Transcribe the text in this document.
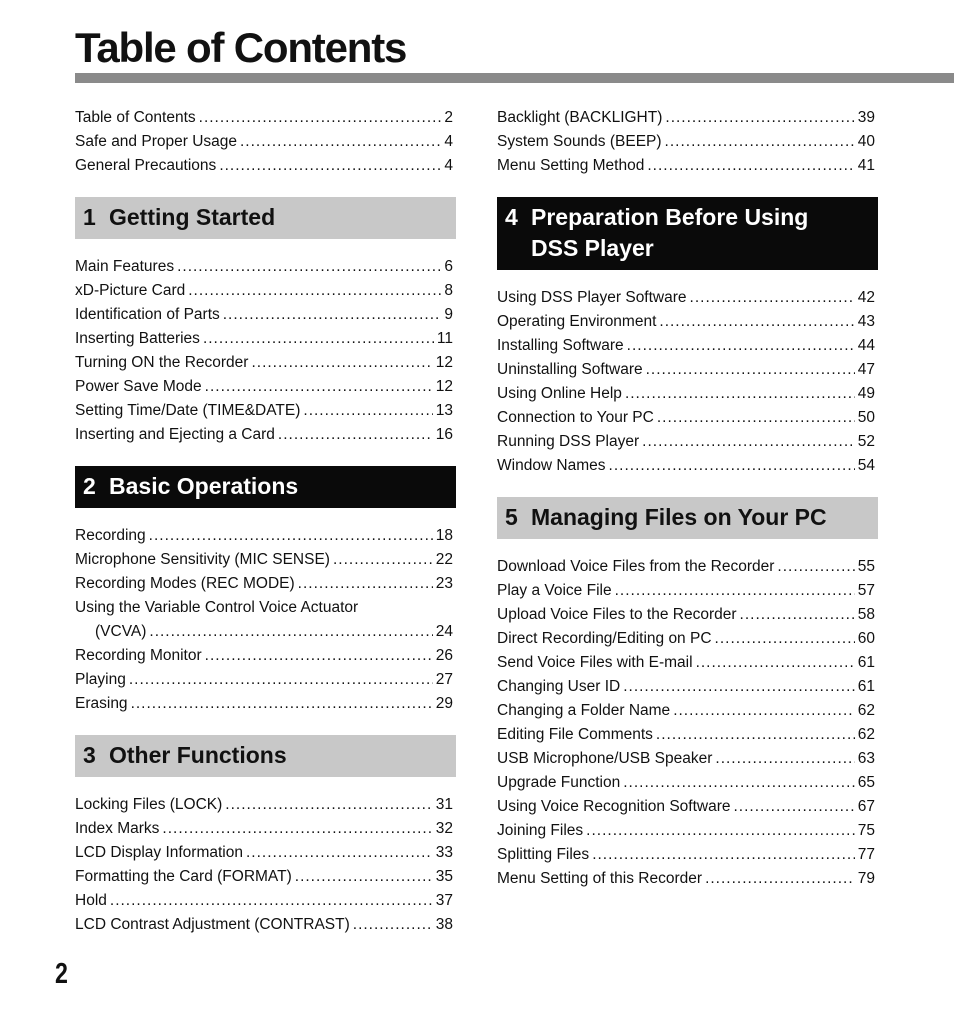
Table of Contents
Table of Contents .....	2
Safe and Proper Usage .....	4
General Precautions .....	4
1 Getting Started
Main Features .....	6
xD-Picture Card .....	8
Identification of Parts .....	9
Inserting Batteries .....	11
Turning ON the Recorder .....	12
Power Save Mode .....	12
Setting Time/Date (TIME&DATE) .....	13
Inserting and Ejecting a Card .....	16
2 Basic Operations
Recording .....	18
Microphone Sensitivity (MIC SENSE) .....	22
Recording Modes (REC MODE) .....	23
Using the Variable Control Voice Actuator
(VCVA) .....	24
Recording Monitor .....	26
Playing .....	27
Erasing .....	29
3 Other Functions
Locking Files (LOCK) .....	31
Index Marks .....	32
LCD Display Information .....	33
Formatting the Card (FORMAT) .....	35
Hold .....	37
LCD Contrast Adjustment (CONTRAST) .....	38
Backlight (BACKLIGHT) .....	39
System Sounds (BEEP) .....	40
Menu Setting Method .....	41
4 Preparation Before Using DSS Player
Using DSS Player Software .....	42
Operating Environment .....	43
Installing Software .....	44
Uninstalling Software .....	47
Using Online Help .....	49
Connection to Your PC .....	50
Running DSS Player .....	52
Window Names .....	54
5 Managing Files on Your PC
Download Voice Files from the Recorder .....	55
Play a Voice File .....	57
Upload Voice Files to the Recorder .....	58
Direct Recording/Editing on PC .....	60
Send Voice Files with E-mail .....	61
Changing User ID .....	61
Changing a Folder Name .....	62
Editing File Comments .....	62
USB Microphone/USB Speaker .....	63
Upgrade Function .....	65
Using Voice Recognition Software .....	67
Joining Files .....	75
Splitting Files .....	77
Menu Setting of this Recorder .....	79
2
